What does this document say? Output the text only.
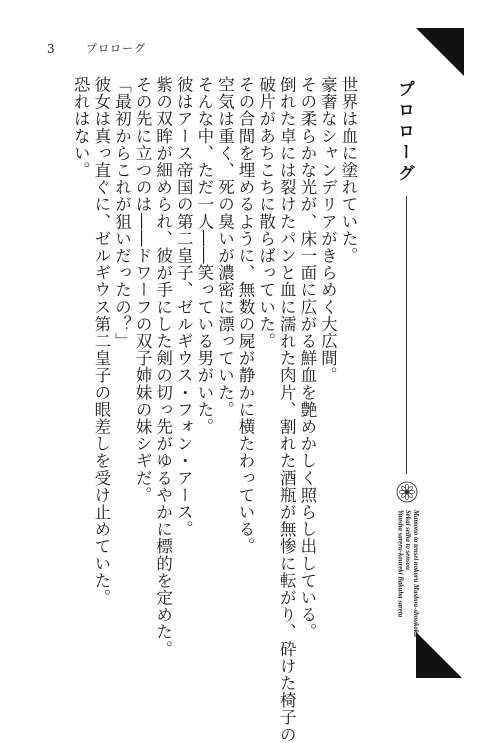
3	プロローグ

世界は血に塗れていた。

豪奢なシャンデリアがきらめく大広間。

その柔らかな光が、床一面に広がる鮮血を艶めかしく照らし出している。

倒れた卓には裂けたパンと血に濡れた肉片、割れた酒瓶が無惨に転がり、砕けた椅子の

破片があちこちに散らばっていた。

その合間を埋めるように、無数の屍が静かに横たわっている。

空気は重く、死の臭いが濃密に漂っていた。

そんな中、ただ一人――笑っている男がいた。

彼はアース帝国の第二皇子、ゼルギウス・フォン・アース。

紫の双眸が細められ、彼が手にした剣の切っ先がゆるやかに標的を定めた。

その先に立つのは――ドワーフの双子姉妹の妹シギだ。

「最初からこれが狙いだったの？」

彼女は真っ直ぐに、ゼルギウス第二皇子の眼差しを受け止めていた。

恐れはない。	プロローグ
Mamono to tensei nokoru Mashou-shoukoku
Sekai seiha to sensou
Yuusha sareru-koureki Bakuha sareta
